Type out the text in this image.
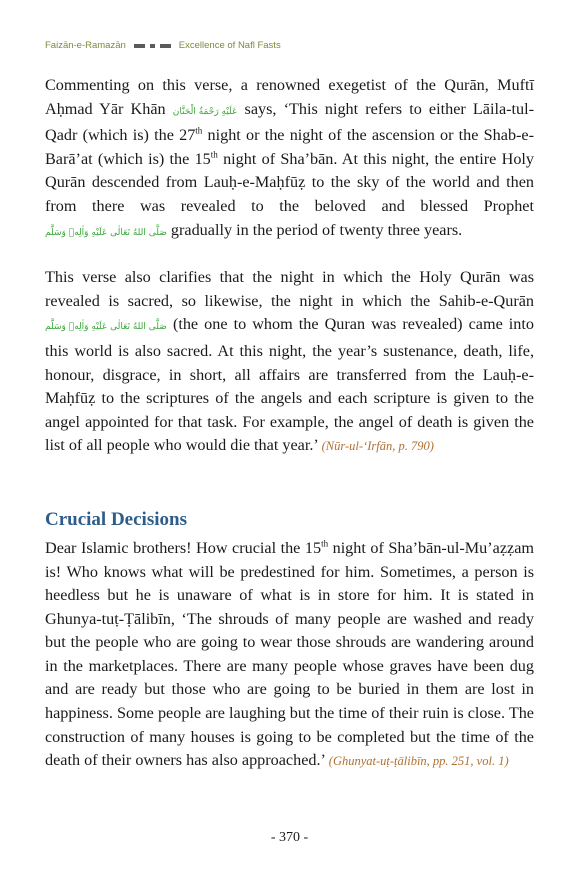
Faizān-e-Ramazān	Excellence of Nafl Fasts

Commenting on this verse, a renowned exegetist of the Qurān, Muftī Aḥmad Yār Khān عَلَيْهِ رَحْمَةُ الْحَنَّان says, ‘This night refers to either Lāila-tul-Qadr (which is) the 27th night or the night of the ascension or the Shab-e-Barā’at (which is) the 15th night of Sha’bān. At this night, the entire Holy Qurān descended from Lauḥ-e-Maḥfūẓ to the sky of the world and then from there was revealed to the beloved and blessed Prophet صَلَّى اللهُ تَعَالٰى عَلَيْهِ وَاٰلِهٖ وَسَلَّم gradually in the period of twenty three years.

This verse also clarifies that the night in which the Holy Qurān was revealed is sacred, so likewise, the night in which the Sahib-e-Qurān صَلَّى اللهُ تَعَالٰى عَلَيْهِ وَاٰلِهٖ وَسَلَّم (the one to whom the Quran was revealed) came into this world is also sacred. At this night, the year’s sustenance, death, life, honour, disgrace, in short, all affairs are transferred from the Lauḥ-e-Maḥfūẓ to the scriptures of the angels and each scripture is given to the angel appointed for that task. For example, the angel of death is given the list of all people who would die that year.’ (Nūr-ul-‘Irfān, p. 790)

Crucial Decisions

Dear Islamic brothers! How crucial the 15th night of Sha’bān-ul-Mu’aẓẓam is! Who knows what will be predestined for him. Sometimes, a person is heedless but he is unaware of what is in store for him. It is stated in Ghunya-tuṭ-Ṭālibīn, ‘The shrouds of many people are washed and ready but the people who are going to wear those shrouds are wandering around in the marketplaces. There are many people whose graves have been dug and are ready but those who are going to be buried in them are lost in happiness. Some people are laughing but the time of their ruin is close. The construction of many houses is going to be completed but the time of the death of their owners has also approached.’ (Ghunyat-uṭ-ṭālibīn, pp. 251, vol. 1)

- 370 -
